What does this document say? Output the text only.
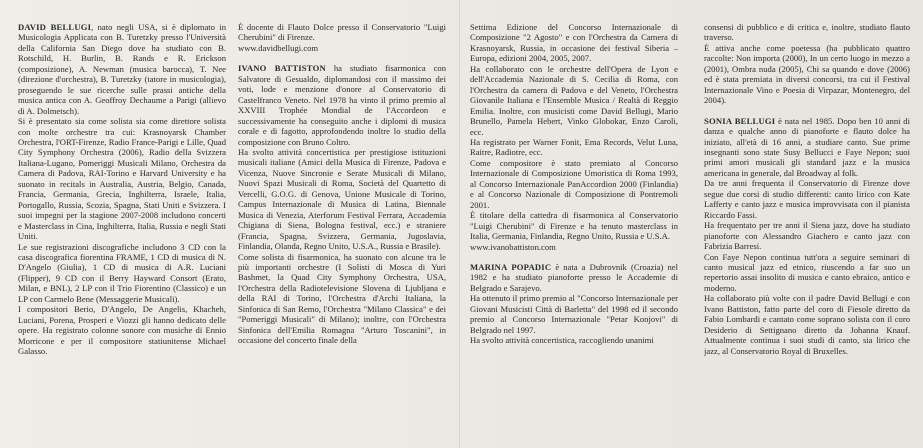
DAVID BELLUGI, nato negli USA, si è diplomato in Musicologia Applicata con B. Turetzky presso l'Università della California San Diego dove ha studiato con B. Rotschild, H. Burlin, B. Rands e R. Erickson (composizione), A. Newman (musica barocca), T. Nee (direzione d'orchestra), B. Turetzky (tatore in musicologia), proseguendo le sue ricerche sulle prassi antiche della musica antica con A. Geoffroy Dechaume a Parigi (allievo di A. Dolmetsch).

Si è presentato sia come solista sia come direttore solista con molte orchestre tra cui: Krasnoyarsk Chamber Orchestra, l'ORT-Firenze, Radio France-Parigi e Lille, Quad City Symphony Orchestra (2006), Radio della Svizzera Italiana-Lugano, Pomeriggi Musicali Milano, Orchestra da Camera di Padova, RAI-Torino e Harvard University e ha suonato in recitals in Australia, Austria, Belgio, Canada, Francia, Germania, Grecia, Inghilterra, Israele, Italia, Portogallo, Russia, Scozia, Spagna, Stati Uniti e Svizzera. I suoi impegni per la stagione 2007-2008 includono concerti e Masterclass in Cina, Inghilterra, Italia, Russia e negli Stati Uniti.

Le sue registrazioni discografiche includono 3 CD con la casa discografica fiorentina FRAME, 1 CD di musica di N. D'Angelo (Giulia), 1 CD di musica di A.R. Luciani (Flipper), 9 CD con il Berry Hayward Consort (Erato, Milan, e BNL), 2 LP con il Trio Fiorentino (Classico) e un LP con Carmelo Bene (Messaggerie Musicali).

I compositori Berio, D'Angelo, De Angelis, Khacheh, Luciani, Porena, Prosperi e Viozzi gli hanno dedicato delle opere. Ha registrato colonne sonore con musiche di Ennio Morricone e per il compositore statiunitense Michael Galasso.

È docente di Flauto Dolce presso il Conservatorio "Luigi Cherubini" di Firenze.

www.davidbellugi.com

IVANO BATTISTON ha studiato fisarmonica con Salvatore di Gesualdo, diplomandosi con il massimo dei voti, lode e menzione d'onore al Conservatorio di Castelfranco Veneto. Nel 1978 ha vinto il primo premio al XXVIII Trophée Mondial de l'Accordeon e successivamente ha conseguito anche i diplomi di musica corale e di fagotto, approfondendo inoltre lo studio della composizione con Bruno Coltro.

Ha svolto attività concertistica per prestigiose istituzioni musicali italiane (Amici della Musica di Firenze, Padova e Vicenza, Nuove Sincronie e Serate Musicali di Milano, Nuovi Spazi Musicali di Roma, Società del Quartetto di Vercelli, G.O.G. di Genova, Unione Musicale di Torino, Campus Internazionale di Musica di Latina, Biennale Musica di Venezia, Aterforum Festival Ferrara, Accademia Chigiana di Siena, Bologna festival, ecc.) e straniere (Francia, Spagna, Svizzera, Germania, Jugoslavia, Finlandia, Olanda, Regno Unito, U.S.A., Russia e Brasile).

Come solista di fisarmonica, ha suonato con alcune tra le più importanti orchestre (I Solisti di Mosca di Yuri Bashmet, la Quad City Symphony Orchestra, USA, l'Orchestra della Radiotelevisione Slovena di Ljubljana e della RAI di Torino, l'Orchestra d'Archi Italiana, la Sinfonica di San Remo, l'Orchestra "Milano Classica" e dei "Pomeriggi Musicali" di Milano); inoltre, con l'Orchestra Sinfonica dell'Emilia Romagna "Arturo Toscanini", in occasione del concerto finale della

Settima Edizione del Concorso Internazionale di Composizione "2 Agosto" e con l'Orchestra da Camera di Krasnoyarsk, Russia, in occasione dei festival Siberia – Europa, edizioni 2004, 2005, 2007.

Ha collaborato con le orchestre dell'Opera de Lyon e dell'Accademia Nazionale di S. Cecilia di Roma, con l'Orchestra da camera di Padova e del Veneto, l'Orchestra Giovanile Italiana e l'Ensemble Musica / Realtà di Reggio Emilia. Inoltre, con musicisti come David Bellugi, Mario Brunello, Pamela Hebert, Vinko Globokar, Enzo Caroli, ecc.

Ha registrato per Warner Fonit, Ema Records, Velut Luna, Raitre, Radiotre, ecc.

Come compositore è stato premiato al Concorso Internazionale di Composizione Umoristica di Roma 1993, al Concorso Internazionale PanAccordion 2000 (Finlandia) e al Concorso Nazionale di Composizione di Pontremoli 2001.

È titolare della cattedra di fisarmonica al Conservatorio "Luigi Cherubini" di Firenze e ha tenuto masterclass in Italia, Germania, Finlandia, Regno Unito, Russia e U.S.A.

www.ivanobattiston.com

MARINA POPADIC è nata a Dubrovnik (Croazia) nel 1982 e ha studiato pianoforte presso le Accademie di Belgrado e Sarajevo.

Ha ottenuto il primo premio al "Concorso Internazionale per Giovani Musicisti Città di Barletta" del 1998 ed il secondo premio al Concorso Internazionale "Petar Konjovi" di Belgrado nel 1997.

Ha svolto attività concertistica, raccogliendo unanimi

consensi di pubblico e di critica e, inoltre, studiato flauto traverso.

È attiva anche come poetessa (ha pubblicato quattro raccolte: Non importa (2000), In un certo luogo in mezzo a (2001), Ombra nuda (2005), Chi sa quando e dove (2006) ed è stata premiata in diversi concorsi, tra cui il Festival Internazionale Vino e Poesia di Virpazar, Montenegro, del 2004).

SONIA BELLUGI è nata nel 1985. Dopo ben 10 anni di danza e qualche anno di pianoforte e flauto dolce ha iniziato, all'età di 16 anni, a studiare canto. Sue prime insegnanti sono state Susy Bellucci e Faye Nepon; suoi primi amori musicali gli standard jazz e la musica americana in generale, dal Broadway al folk.

Da tre anni frequenta il Conservatorio di Firenze dove segue due corsi di studio differenti: canto lirico con Kate Lafferty e canto jazz e musica improvvisata con il pianista Riccardo Fassi.

Ha frequentato per tre anni il Siena jazz, dove ha studiato pianoforte con Alessandro Giachero e canto jazz con Fabrizia Barresi.

Con Faye Nepon continua tutt'ora a seguire seminari di canto musical jazz ed etnico, riuscendo a far suo un repertorio assai insolito di musica e canto ebraico, antico e moderno.

Ha collaborato più volte con il padre David Bellugi e con Ivano Battiston, fatto parte del coro di Fiesole diretto da Fabio Lombardi e cantato come soprano solista con il coro Desiderio di Settignano diretto da Johanna Knauf. Attualmente continua i suoi studi di canto, sia lirico che jazz, al Conservatorio Royal di Bruxelles.
